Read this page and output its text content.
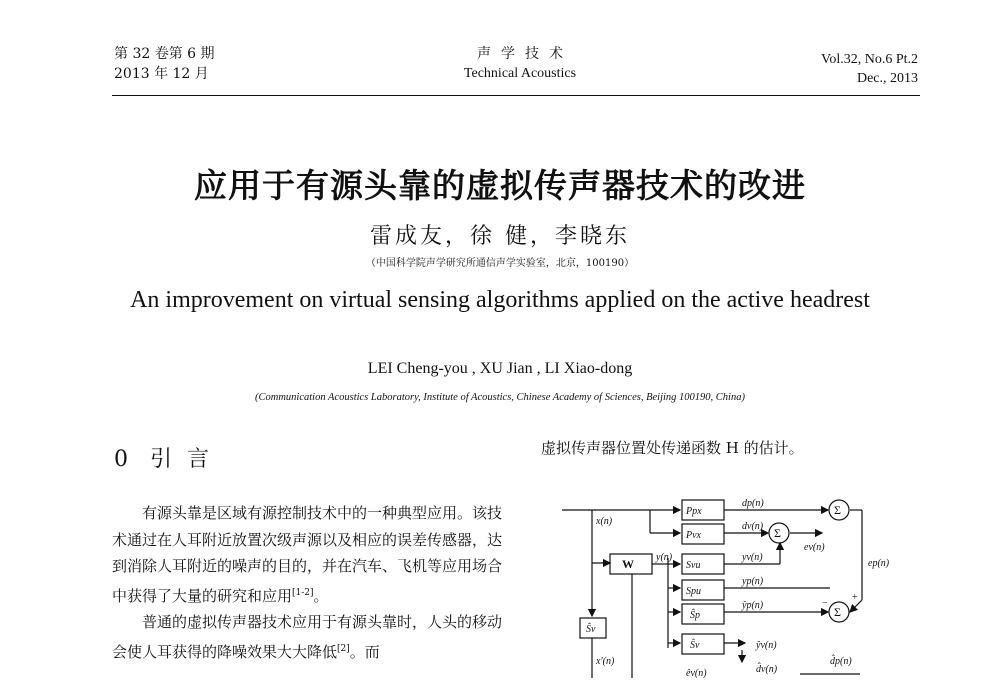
第 32 卷第 6 期
2013 年 12 月
声学技术
Technical Acoustics
Vol.32, No.6 Pt.2
Dec., 2013
应用于有源头靠的虚拟传声器技术的改进
雷成友，徐 健，李晓东
（中国科学院声学研究所通信声学实验室，北京，100190）
An improvement on virtual sensing algorithms applied on the active headrest
LEI Cheng-you , XU Jian , LI Xiao-dong
(Communication Acoustics Laboratory, Institute of Acoustics, Chinese Academy of Sciences, Beijing 100190, China)
0 引 言

有源头靠是区域有源控制技术中的一种典型应用。该技术通过在人耳附近放置次级声源以及相应的误差传感器，达到消除人耳附近的噪声的目的，并在汽车、飞机等应用场合中获得了大量的研究和应用[1-2]。

普通的虚拟传声器技术应用于有源头靠时，人头的移动会使人耳获得的降噪效果大大降低[2]。而

虚拟传声器位置处传递函数 H 的估计。
Ppx
Pvx
Svu
Spu
Ŝp
Ŝv
Ŝv
W
x(n)
y(n)
x′(n)
dp(n)
dv(n)
yv(n)
yp(n)
ŷp(n)
ŷv(n)
ev(n)
ep(n)
d̂v(n)
d̂p(n)
êv(n)
Σ
Σ
Σ
+
−
